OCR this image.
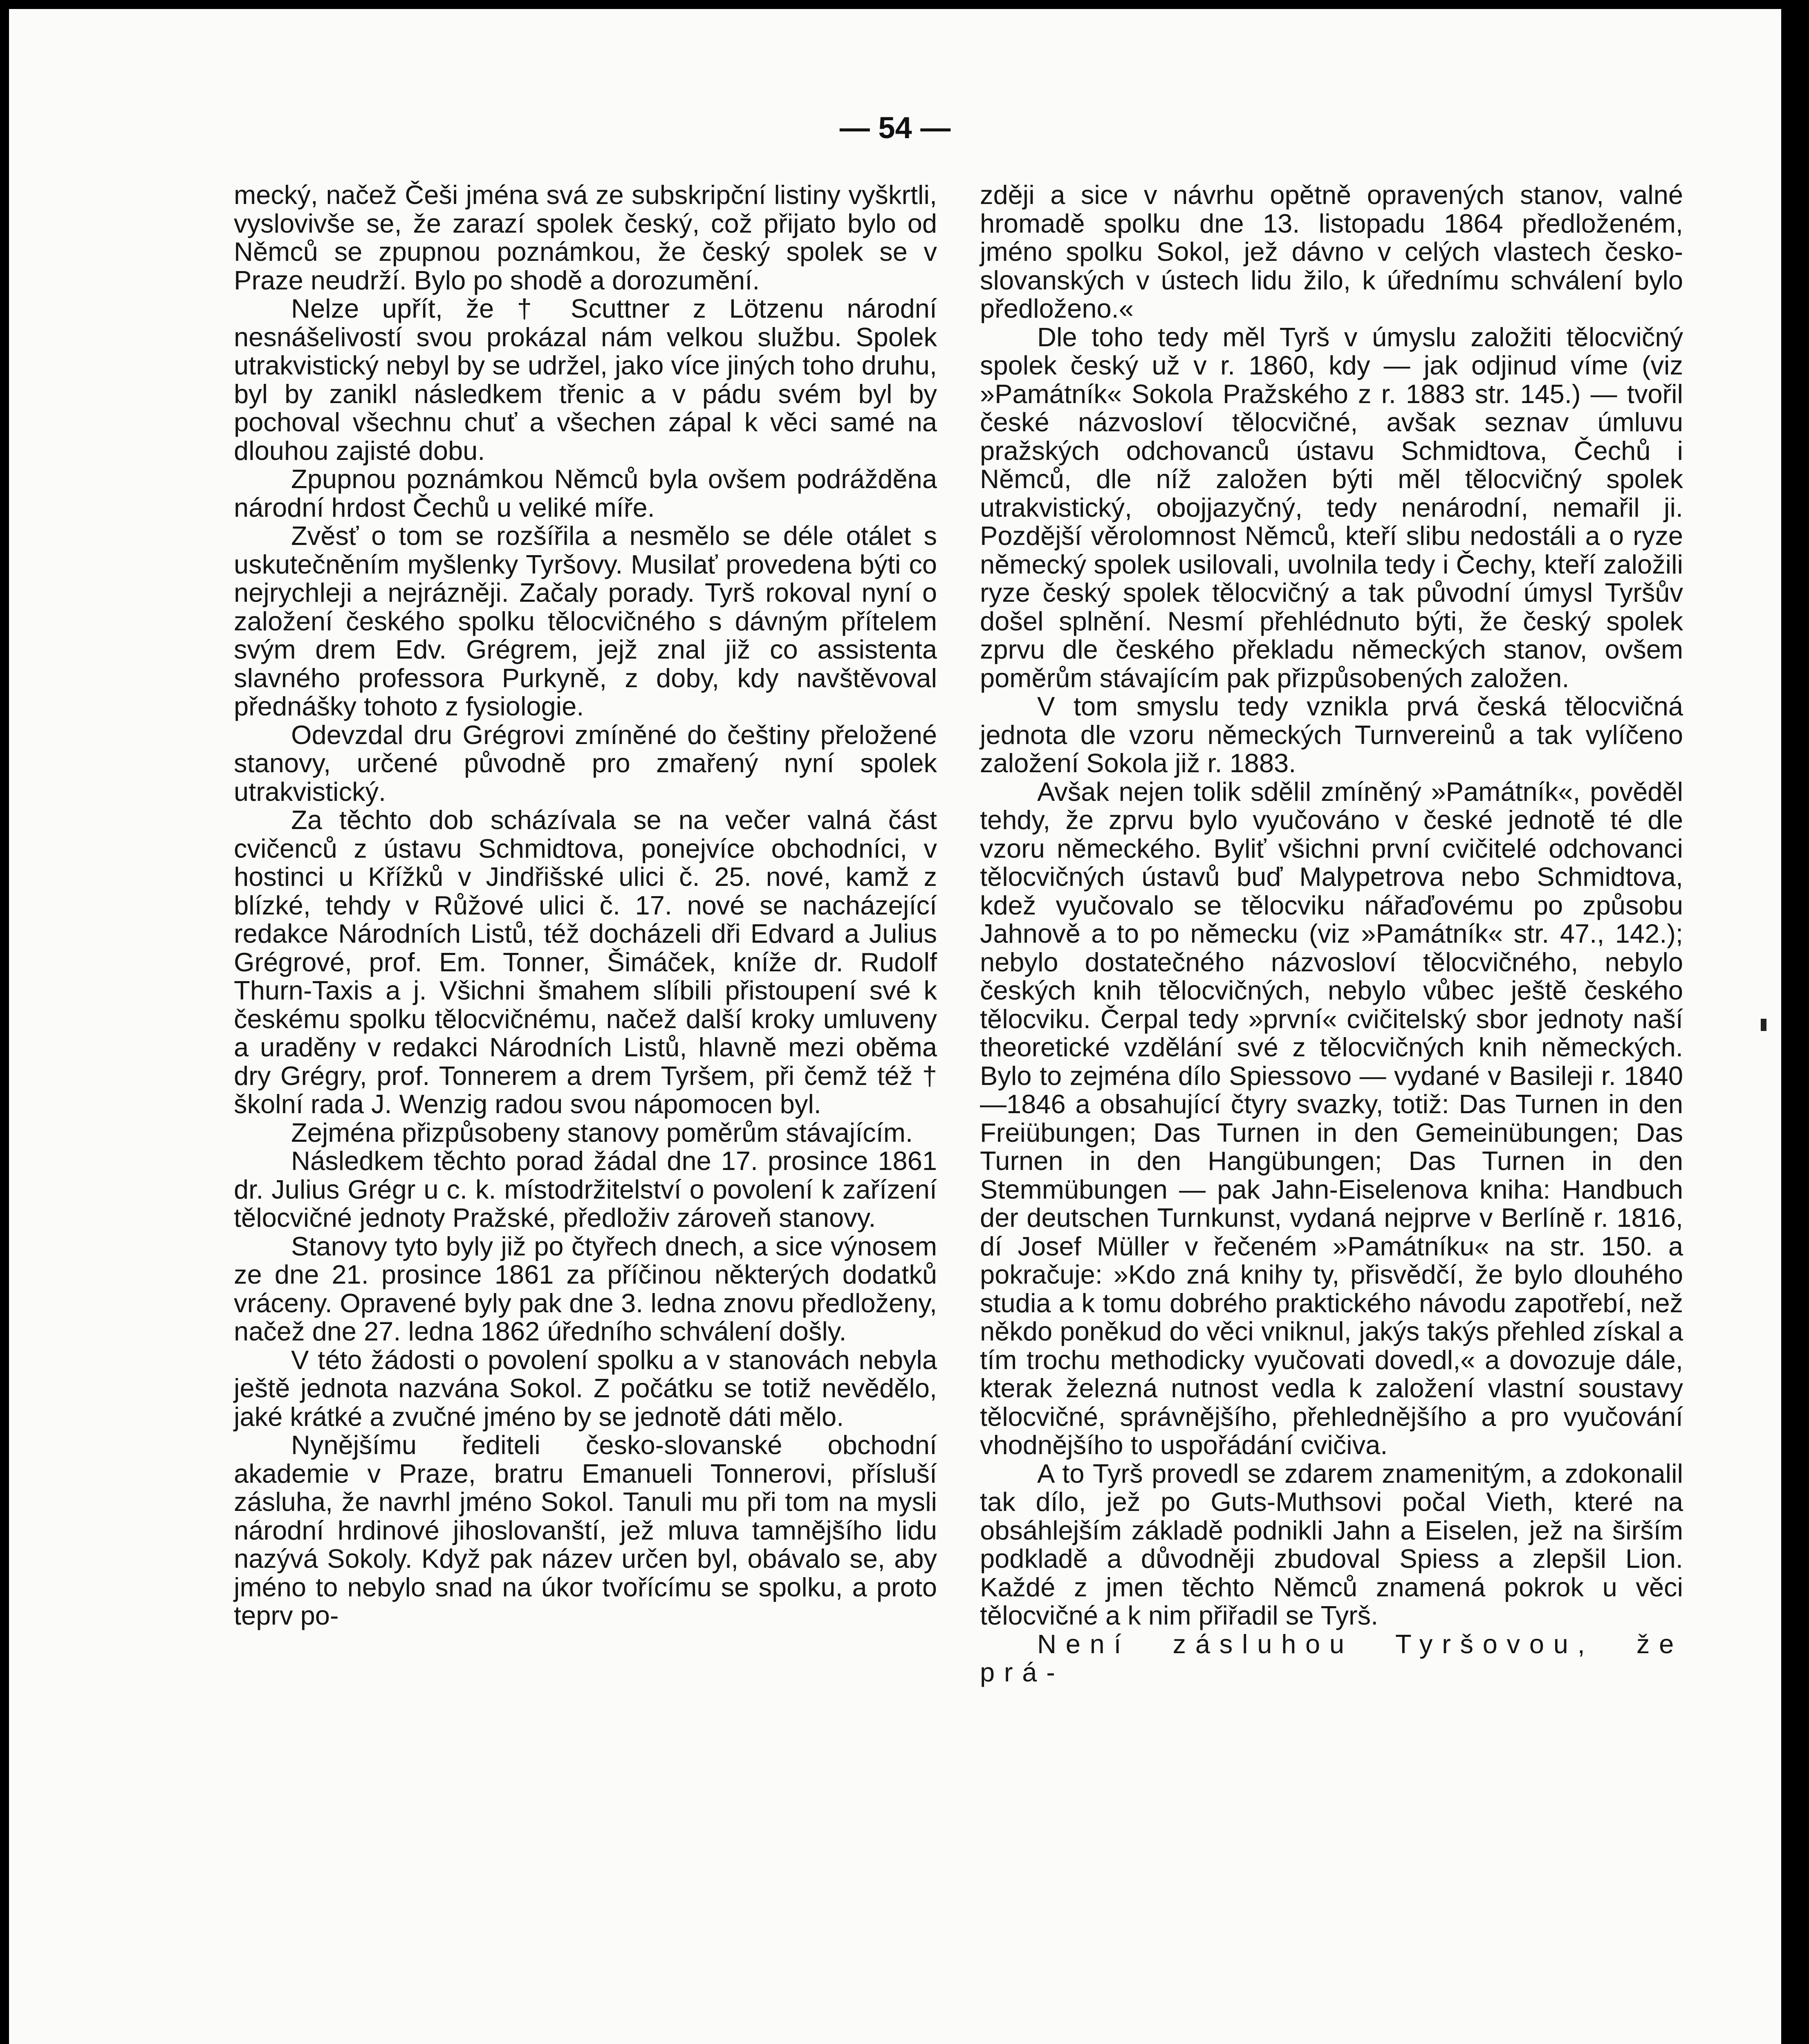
— 54 —

mecký, načež Češi jména svá ze subskripční listiny vyškrtli, vyslovivše se, že zarazí spolek český, což přijato bylo od Němců se zpupnou poznámkou, že český spolek se v Praze neudrží. Bylo po shodě a dorozumění.

Nelze upřít, že † Scuttner z Lötzenu národní nesnášelivostí svou prokázal nám velkou službu. Spolek utrakvistický nebyl by se udržel, jako více jiných toho druhu, byl by zanikl následkem třenic a v pádu svém byl by pochoval všechnu chuť a všechen zápal k věci samé na dlouhou zajisté dobu.

Zpupnou poznámkou Němců byla ovšem podrážděna národní hrdost Čechů u veliké míře.

Zvěsť o tom se rozšířila a nesmělo se déle otálet s uskutečněním myšlenky Tyršovy. Musilať provedena býti co nejrychleji a nejrázněji. Začaly porady. Tyrš rokoval nyní o založení českého spolku tělocvičného s dávným přítelem svým drem Edv. Grégrem, jejž znal již co assistenta slavného professora Purkyně, z doby, kdy navštěvoval přednášky tohoto z fysiologie.

Odevzdal dru Grégrovi zmíněné do češtiny přeložené stanovy, určené původně pro zmařený nyní spolek utrakvistický.

Za těchto dob scházívala se na večer valná část cvičenců z ústavu Schmidtova, ponejvíce obchodníci, v hostinci u Křížků v Jindřišské ulici č. 25. nové, kamž z blízké, tehdy v Růžové ulici č. 17. nové se nacházející redakce Národních Listů, též docházeli dři Edvard a Julius Grégrové, prof. Em. Tonner, Šimáček, kníže dr. Rudolf Thurn-Taxis a j. Všichni šmahem slíbili přistoupení své k českému spolku tělocvičnému, načež další kroky umluveny a uraděny v redakci Národních Listů, hlavně mezi oběma dry Grégry, prof. Tonnerem a drem Tyršem, při čemž též † školní rada J. Wenzig radou svou nápomocen byl.

Zejména přizpůsobeny stanovy poměrům stávajícím.

Následkem těchto porad žádal dne 17. prosince 1861 dr. Julius Grégr u c. k. místodržitelství o povolení k zařízení tělocvičné jednoty Pražské, předloživ zároveň stanovy.

Stanovy tyto byly již po čtyřech dnech, a sice výnosem ze dne 21. prosince 1861 za příčinou některých dodatků vráceny. Opravené byly pak dne 3. ledna znovu předloženy, načež dne 27. ledna 1862 úředního schválení došly.

V této žádosti o povolení spolku a v stanovách nebyla ještě jednota nazvána Sokol. Z počátku se totiž nevědělo, jaké krátké a zvučné jméno by se jednotě dáti mělo.

Nynějšímu řediteli česko-slovanské obchodní akademie v Praze, bratru Emanueli Tonnerovi, přísluší zásluha, že navrhl jméno Sokol. Tanuli mu při tom na mysli národní hrdinové jihoslovanští, jež mluva tamnějšího lidu nazývá Sokoly. Když pak název určen byl, obávalo se, aby jméno to nebylo snad na úkor tvořícímu se spolku, a proto teprv po-

zději a sice v návrhu opětně opravených stanov, valné hromadě spolku dne 13. listopadu 1864 předloženém, jméno spolku Sokol, jež dávno v celých vlastech česko-slovanských v ústech lidu žilo, k úřednímu schválení bylo předloženo.«

Dle toho tedy měl Tyrš v úmyslu založiti tělocvičný spolek český už v r. 1860, kdy — jak odjinud víme (viz »Památník« Sokola Pražského z r. 1883 str. 145.) — tvořil české názvosloví tělocvičné, avšak seznav úmluvu pražských odchovanců ústavu Schmidtova, Čechů i Němců, dle níž založen býti měl tělocvičný spolek utrakvistický, obojjazyčný, tedy nenárodní, nemařil ji. Pozdější věrolomnost Němců, kteří slibu nedostáli a o ryze německý spolek usilovali, uvolnila tedy i Čechy, kteří založili ryze český spolek tělocvičný a tak původní úmysl Tyršův došel splnění. Nesmí přehlédnuto býti, že český spolek zprvu dle českého překladu německých stanov, ovšem poměrům stávajícím pak přizpůsobených založen.

V tom smyslu tedy vznikla prvá česká tělocvičná jednota dle vzoru německých Turnvereinů a tak vylíčeno založení Sokola již r. 1883.

Avšak nejen tolik sdělil zmíněný »Památník«, pověděl tehdy, že zprvu bylo vyučováno v české jednotě té dle vzoru německého. Byliť všichni první cvičitelé odchovanci tělocvičných ústavů buď Malypetrova nebo Schmidtova, kdež vyučovalo se tělocviku nářaďovému po způsobu Jahnově a to po německu (viz »Památník« str. 47., 142.); nebylo dostatečného názvosloví tělocvičného, nebylo českých knih tělocvičných, nebylo vůbec ještě českého tělocviku. Čerpal tedy »první« cvičitelský sbor jednoty naší theoretické vzdělání své z tělocvičných knih německých. Bylo to zejména dílo Spiessovo — vydané v Basileji r. 1840—1846 a obsahující čtyry svazky, totiž: Das Turnen in den Freiübungen; Das Turnen in den Gemeinübungen; Das Turnen in den Hangübungen; Das Turnen in den Stemmübungen — pak Jahn-Eiselenova kniha: Handbuch der deutschen Turnkunst, vydaná nejprve v Berlíně r. 1816, dí Josef Müller v řečeném »Památníku« na str. 150. a pokračuje: »Kdo zná knihy ty, přisvědčí, že bylo dlouhého studia a k tomu dobrého praktického návodu zapotřebí, než někdo poněkud do věci vniknul, jakýs takýs přehled získal a tím trochu methodicky vyučovati dovedl,« a dovozuje dále, kterak železná nutnost vedla k založení vlastní soustavy tělocvičné, správnějšího, přehlednějšího a pro vyučování vhodnějšího to uspořádání cvičiva.

A to Tyrš provedl se zdarem znamenitým, a zdokonalil tak dílo, jež po Guts-Muthsovi počal Vieth, které na obsáhlejším základě podnikli Jahn a Eiselen, jež na širším podkladě a důvodněji zbudoval Spiess a zlepšil Lion. Každé z jmen těchto Němců znamená pokrok u věci tělocvičné a k nim přiřadil se Tyrš.

Není zásluhou Tyršovou, že prá-
